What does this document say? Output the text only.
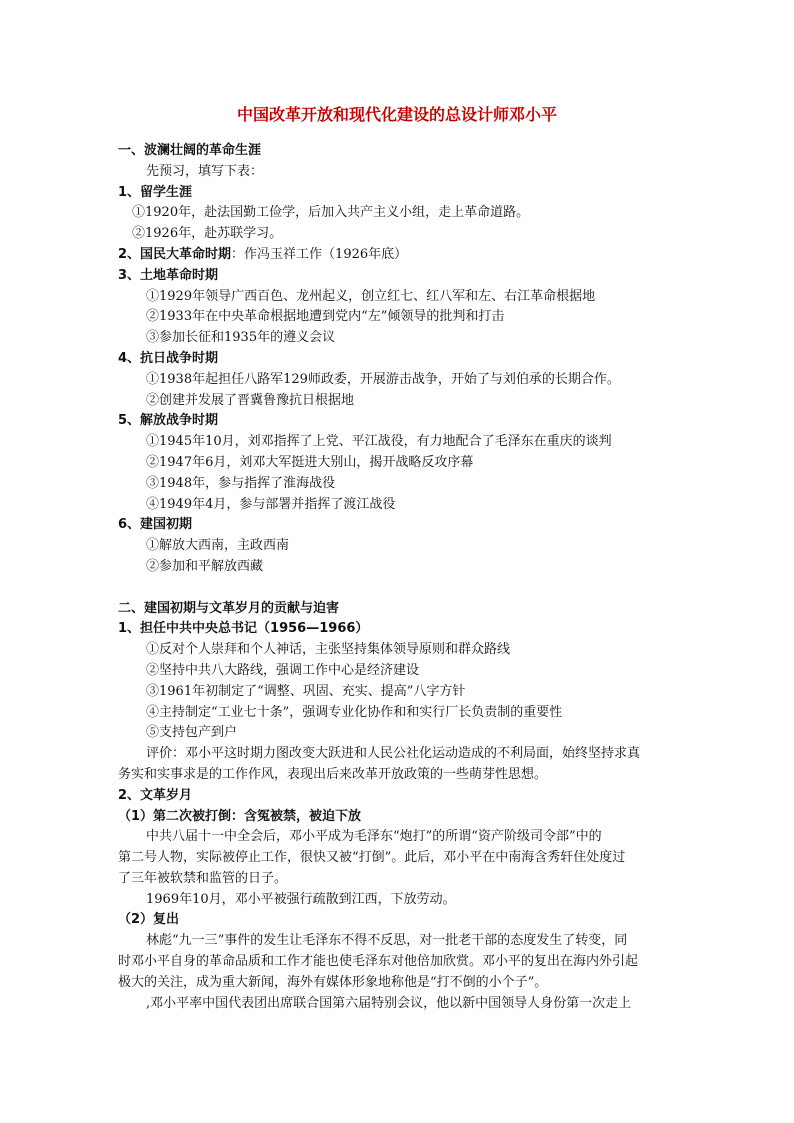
中国改革开放和现代化建设的总设计师邓小平
一、波澜壮阔的革命生涯
先预习，填写下表：
1、留学生涯
①1920年，赴法国勤工俭学，后加入共产主义小组，走上革命道路。
②1926年，赴苏联学习。
2、国民大革命时期：作冯玉祥工作（1926年底）
3、土地革命时期
①1929年领导广西百色、龙州起义，创立红七、红八军和左、右江革命根据地
②1933年在中央革命根据地遭到党内“左”倾领导的批判和打击
③参加长征和1935年的遵义会议
4、抗日战争时期
①1938年起担任八路军129师政委，开展游击战争，开始了与刘伯承的长期合作。
②创建并发展了晋冀鲁豫抗日根据地
5、解放战争时期
①1945年10月，刘邓指挥了上党、平江战役，有力地配合了毛泽东在重庆的谈判
②1947年6月，刘邓大军挺进大别山，揭开战略反攻序幕
③1948年，参与指挥了淮海战役
④1949年4月，参与部署并指挥了渡江战役
6、建国初期
①解放大西南，主政西南
②参加和平解放西藏
二、建国初期与文革岁月的贡献与迫害
1、担任中共中央总书记（1956—1966）
①反对个人崇拜和个人神话，主张坚持集体领导原则和群众路线
②坚持中共八大路线，强调工作中心是经济建设
③1961年初制定了“调整、巩固、充实、提高”八字方针
④主持制定“工业七十条”，强调专业化协作和和实行厂长负责制的重要性
⑤支持包产到户
评价：邓小平这时期力图改变大跃进和人民公社化运动造成的不利局面，始终坚持求真
务实和实事求是的工作作风，表现出后来改革开放政策的一些萌芽性思想。
2、文革岁月
（1）第二次被打倒：含冤被禁，被迫下放
中共八届十一中全会后，邓小平成为毛泽东“炮打”的所谓“资产阶级司令部”中的
第二号人物，实际被停止工作，很快又被“打倒”。此后，邓小平在中南海含秀轩住处度过
了三年被软禁和监管的日子。
1969年10月，邓小平被强行疏散到江西，下放劳动。
（2）复出
林彪“九一三”事件的发生让毛泽东不得不反思，对一批老干部的态度发生了转变，同
时邓小平自身的革命品质和工作才能也使毛泽东对他倍加欣赏。邓小平的复出在海内外引起
极大的关注，成为重大新闻，海外有媒体形象地称他是“打不倒的小个子”。
,邓小平率中国代表团出席联合国第六届特别会议，他以新中国领导人身份第一次走上
